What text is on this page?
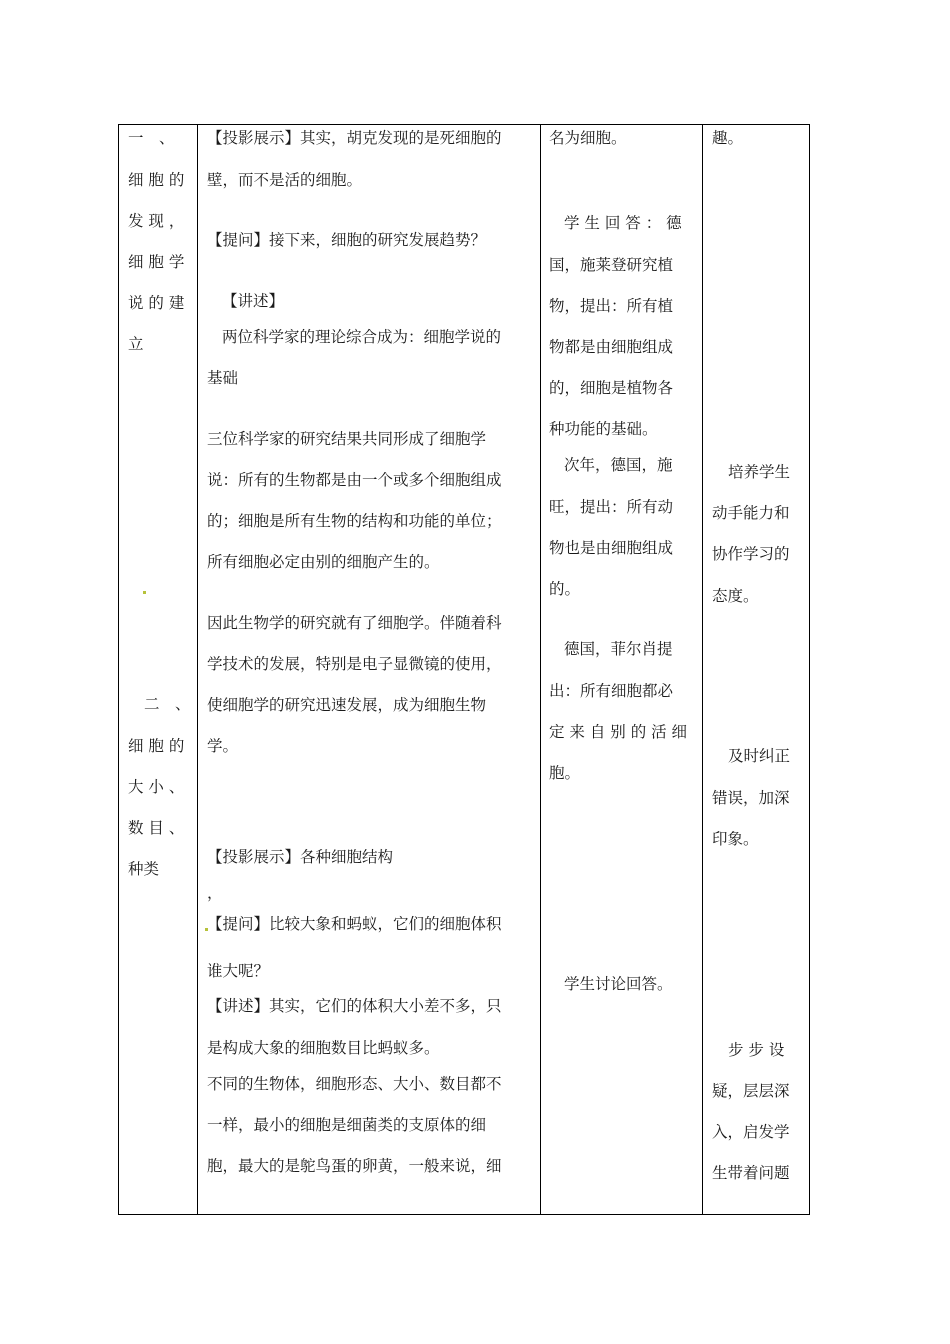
一　、
细 胞 的
发 现 ，
细 胞 学
说 的 建
立
二　、
细 胞 的
大 小 、
数 目 、
种类
【投影展示】其实，胡克发现的是死细胞的
壁，而不是活的细胞。
【提问】接下来，细胞的研究发展趋势？
【讲述】
两位科学家的理论综合成为：细胞学说的
基础
三位科学家的研究结果共同形成了细胞学
说：所有的生物都是由一个或多个细胞组成
的；细胞是所有生物的结构和功能的单位；
所有细胞必定由别的细胞产生的。
因此生物学的研究就有了细胞学。伴随着科
学技术的发展，特别是电子显微镜的使用，
使细胞学的研究迅速发展，成为细胞生物
学。
【投影展示】各种细胞结构
，
【提问】比较大象和蚂蚁，它们的细胞体积
谁大呢？
【讲述】其实，它们的体积大小差不多，只
是构成大象的细胞数目比蚂蚁多。
不同的生物体，细胞形态、大小、数目都不
一样，最小的细胞是细菌类的支原体的细
胞，最大的是鸵鸟蛋的卵黄，一般来说，细
名为细胞。
学 生 回 答 ： 德
国，施莱登研究植
物，提出：所有植
物都是由细胞组成
的，细胞是植物各
种功能的基础。
次年，德国，施
旺，提出：所有动
物也是由细胞组成
的。
德国，菲尔肖提
出：所有细胞都必
定 来 自 别 的 活 细
胞。
学生讨论回答。
趣。
培养学生
动手能力和
协作学习的
态度。
及时纠正
错误，加深
印象。
步 步 设
疑，层层深
入，启发学
生带着问题
